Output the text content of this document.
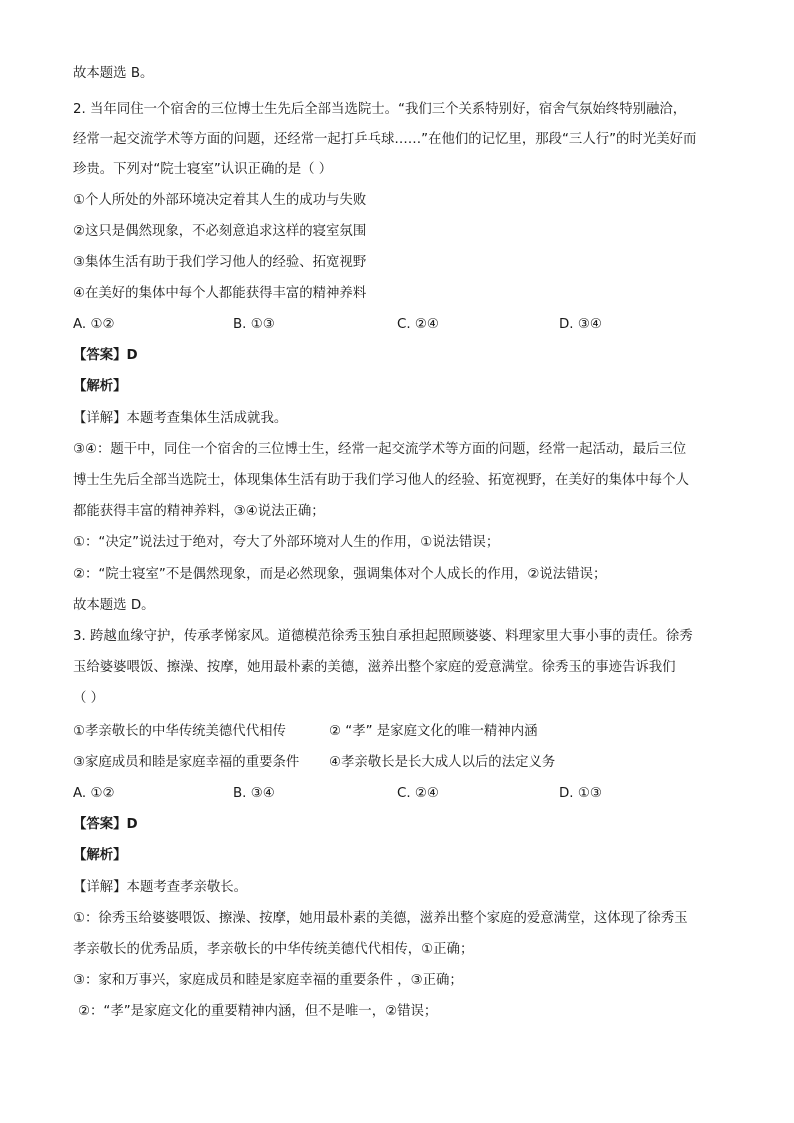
故本题选 B。
2. 当年同住一个宿舍的三位博士生先后全部当选院士。“我们三个关系特别好，宿舍气氛始终特别融洽，
经常一起交流学术等方面的问题，还经常一起打乒乓球……”在他们的记忆里，那段“三人行”的时光美好而
珍贵。下列对“院士寝室”认识正确的是（ ）
①个人所处的外部环境决定着其人生的成功与失败
②这只是偶然现象，不必刻意追求这样的寝室氛围
③集体生活有助于我们学习他人的经验、拓宽视野
④在美好的集体中每个人都能获得丰富的精神养料
A. ①②	B. ①③	C. ②④	D. ③④
【答案】D
【解析】
【详解】本题考查集体生活成就我。
③④：题干中，同住一个宿舍的三位博士生，经常一起交流学术等方面的问题，经常一起活动，最后三位
博士生先后全部当选院士，体现集体生活有助于我们学习他人的经验、拓宽视野，在美好的集体中每个人
都能获得丰富的精神养料，③④说法正确；
①：“决定”说法过于绝对，夸大了外部环境对人生的作用，①说法错误；
②：“院士寝室”不是偶然现象，而是必然现象，强调集体对个人成长的作用，②说法错误；
故本题选 D。
3. 跨越血缘守护，传承孝悌家风。道德模范徐秀玉独自承担起照顾婆婆、料理家里大事小事的责任。徐秀
玉给婆婆喂饭、擦澡、按摩，她用最朴素的美德，滋养出整个家庭的爱意满堂。徐秀玉的事迹告诉我们
（ ）
①孝亲敬长的中华传统美德代代相传	② “孝” 是家庭文化的唯一精神内涵
③家庭成员和睦是家庭幸福的重要条件 ④孝亲敬长是长大成人以后的法定义务
A. ①②	B. ③④	C. ②④	D. ①③
【答案】D
【解析】
【详解】本题考查孝亲敬长。
①：徐秀玉给婆婆喂饭、擦澡、按摩，她用最朴素的美德，滋养出整个家庭的爱意满堂，这体现了徐秀玉
孝亲敬长的优秀品质，孝亲敬长的中华传统美德代代相传，①正确；
③：家和万事兴，家庭成员和睦是家庭幸福的重要条件 ，③正确；
②：“孝”是家庭文化的重要精神内涵，但不是唯一，②错误；
